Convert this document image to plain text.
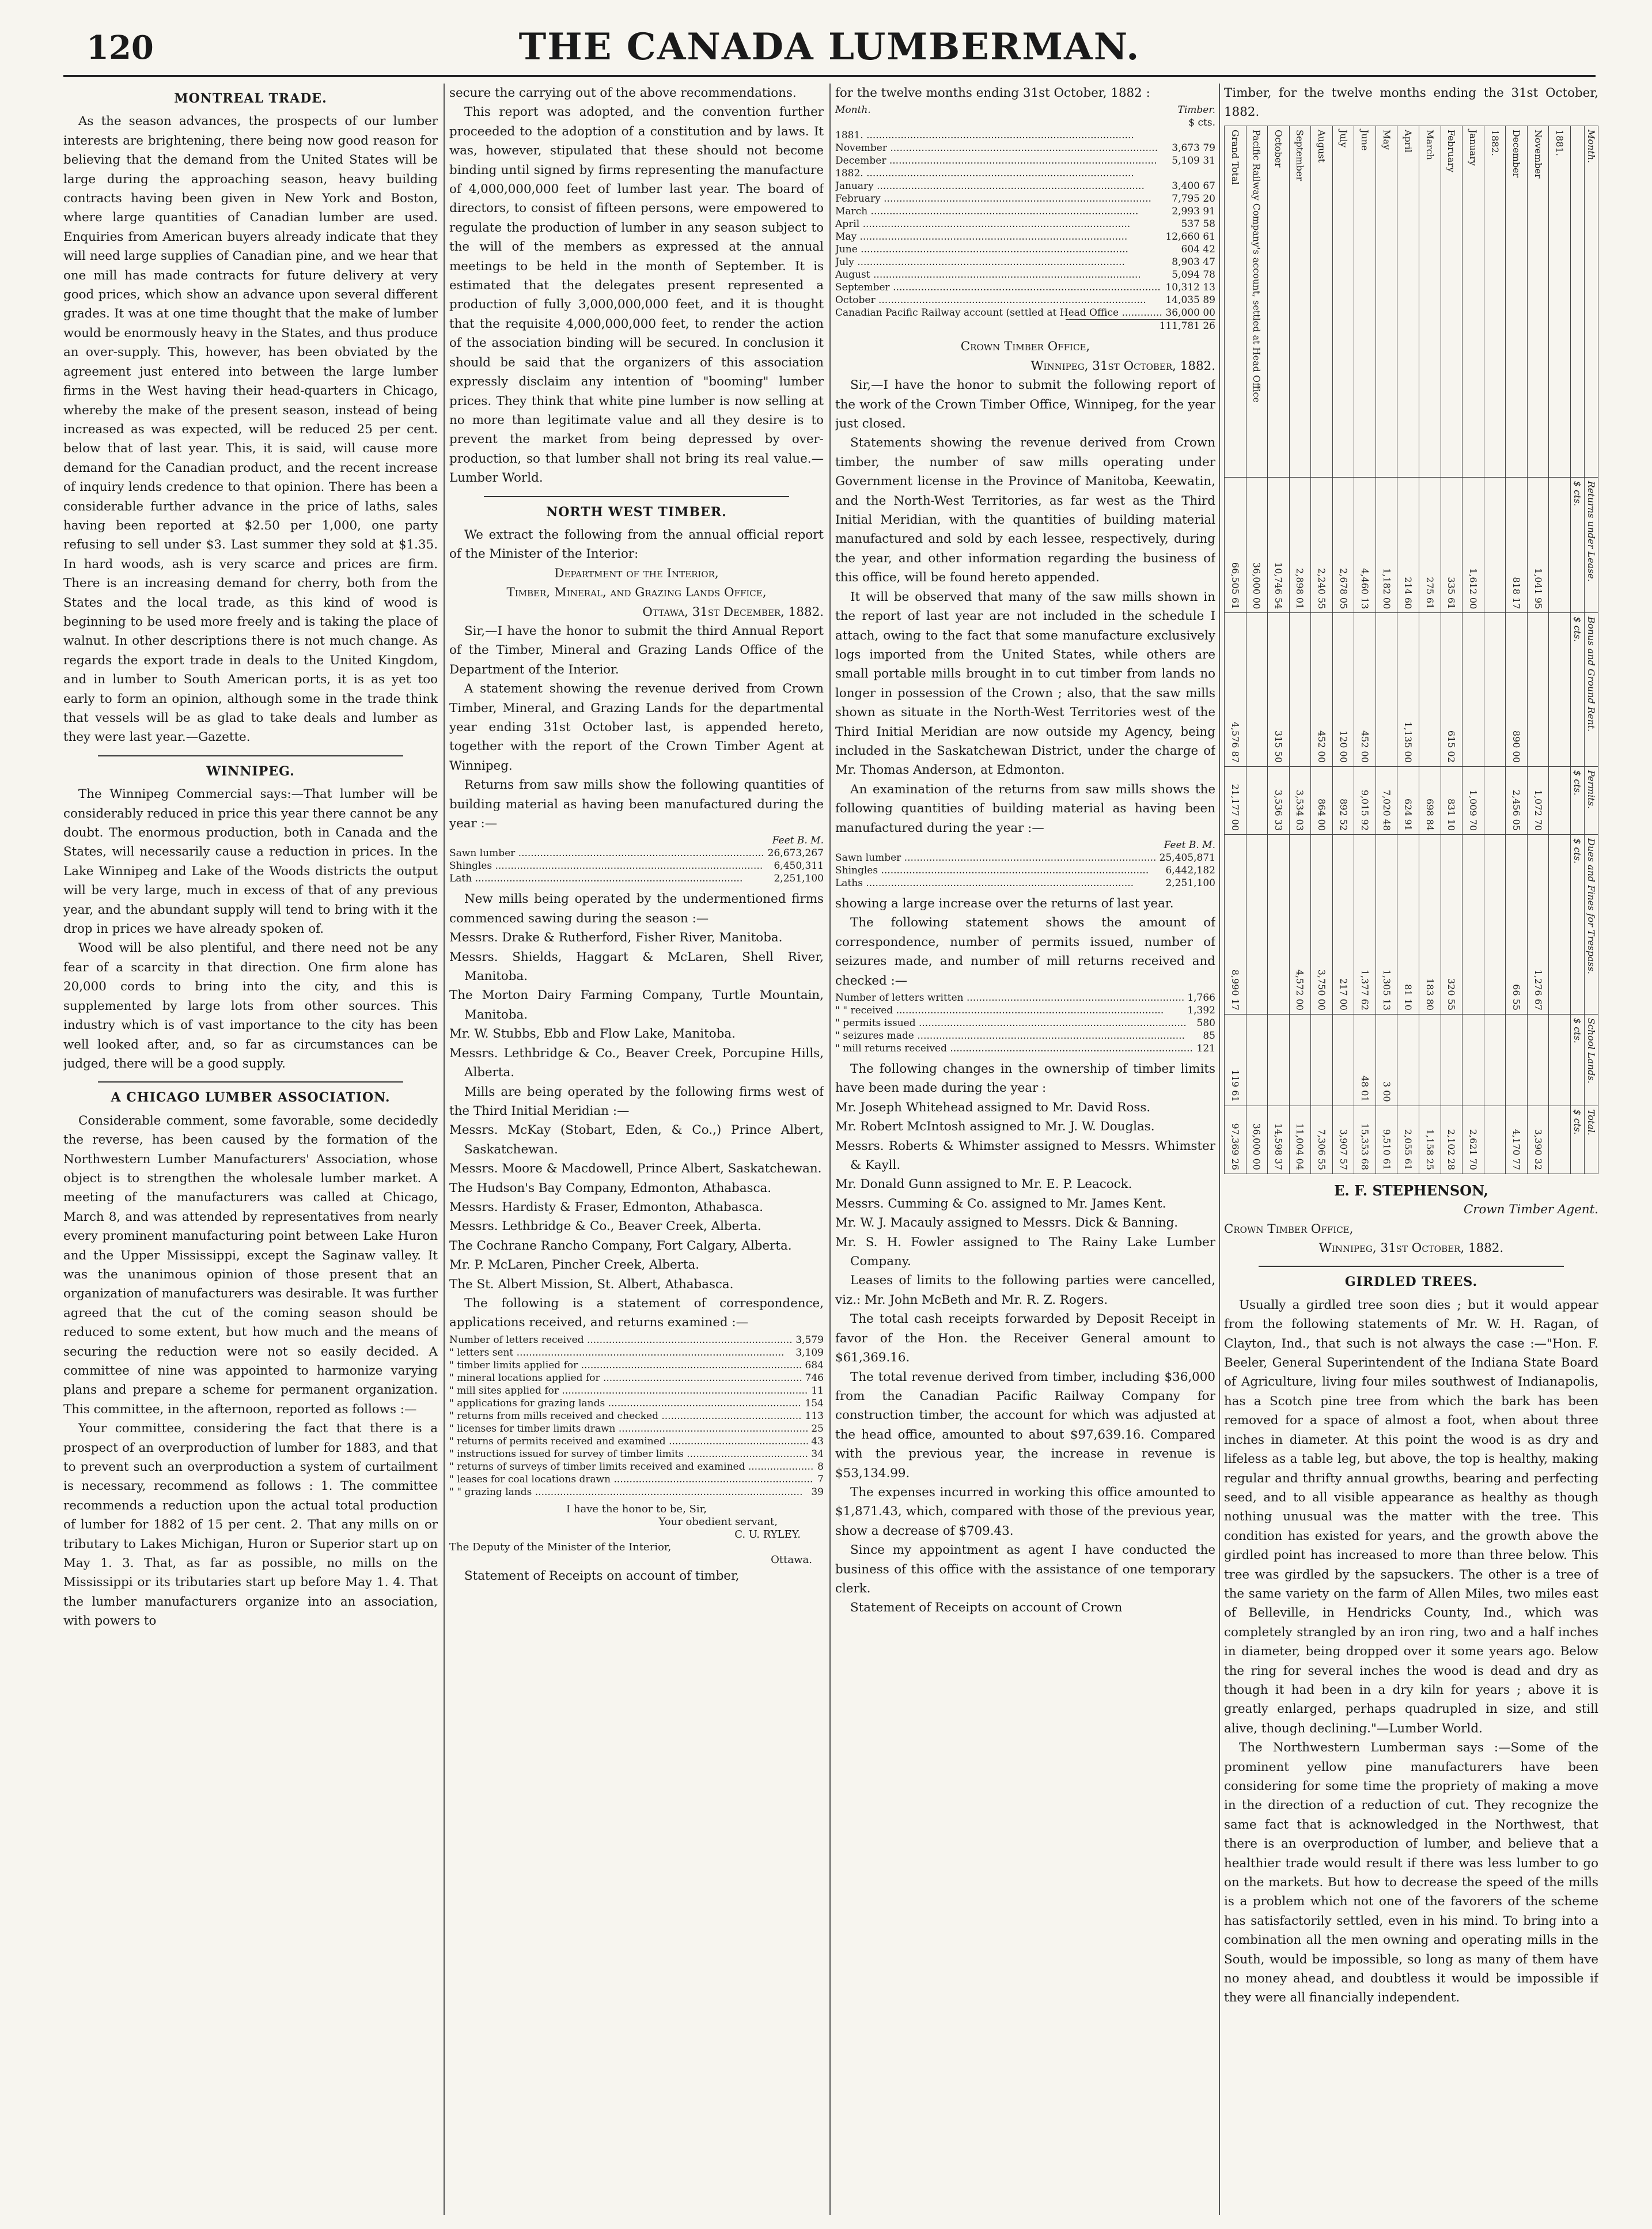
120	THE CANADA LUMBERMAN.
MONTREAL TRADE.

As the season advances, the prospects of our lumber interests are brightening, there being now good reason for believing that the demand from the United States will be large during the approaching season, heavy building contracts having been given in New York and Boston, where large quantities of Canadian lumber are used. Enquiries from American buyers already indicate that they will need large supplies of Canadian pine, and we hear that one mill has made contracts for future delivery at very good prices, which show an advance upon several different grades. It was at one time thought that the make of lumber would be enormously heavy in the States, and thus produce an over-supply. This, however, has been obviated by the agreement just entered into between the large lumber firms in the West having their head-quarters in Chicago, whereby the make of the present season, instead of being increased as was expected, will be reduced 25 per cent. below that of last year. This, it is said, will cause more demand for the Canadian product, and the recent increase of inquiry lends credence to that opinion. There has been a considerable further advance in the price of laths, sales having been reported at $2.50 per 1,000, one party refusing to sell under $3. Last summer they sold at $1.35. In hard woods, ash is very scarce and prices are firm. There is an increasing demand for cherry, both from the States and the local trade, as this kind of wood is beginning to be used more freely and is taking the place of walnut. In other descriptions there is not much change. As regards the export trade in deals to the United Kingdom, and in lumber to South American ports, it is as yet too early to form an opinion, although some in the trade think that vessels will be as glad to take deals and lumber as they were last year.—Gazette.

WINNIPEG.

The Winnipeg Commercial says:—That lumber will be considerably reduced in price this year there cannot be any doubt. The enormous production, both in Canada and the States, will necessarily cause a reduction in prices. In the Lake Winnipeg and Lake of the Woods districts the output will be very large, much in excess of that of any previous year, and the abundant supply will tend to bring with it the drop in prices we have already spoken of.

Wood will be also plentiful, and there need not be any fear of a scarcity in that direction. One firm alone has 20,000 cords to bring into the city, and this is supplemented by large lots from other sources. This industry which is of vast importance to the city has been well looked after, and, so far as circumstances can be judged, there will be a good supply.

A CHICAGO LUMBER ASSOCIATION.

Considerable comment, some favorable, some decidedly the reverse, has been caused by the formation of the Northwestern Lumber Manufacturers' Association, whose object is to strengthen the wholesale lumber market. A meeting of the manufacturers was called at Chicago, March 8, and was attended by representatives from nearly every prominent manufacturing point between Lake Huron and the Upper Mississippi, except the Saginaw valley. It was the unanimous opinion of those present that an organization of manufacturers was desirable. It was further agreed that the cut of the coming season should be reduced to some extent, but how much and the means of securing the reduction were not so easily decided. A committee of nine was appointed to harmonize varying plans and prepare a scheme for permanent organization. This committee, in the afternoon, reported as follows :—

Your committee, considering the fact that there is a prospect of an overproduction of lumber for 1883, and that to prevent such an overproduction a system of curtailment is necessary, recommend as follows : 1. The committee recommends a reduction upon the actual total production of lumber for 1882 of 15 per cent. 2. That any mills on or tributary to Lakes Michigan, Huron or Superior start up on May 1. 3. That, as far as possible, no mills on the Mississippi or its tributaries start up before May 1. 4. That the lumber manufacturers organize into an association, with powers to

secure the carrying out of the above recommendations.

This report was adopted, and the convention further proceeded to the adoption of a constitution and by laws. It was, however, stipulated that these should not become binding until signed by firms representing the manufacture of 4,000,000,000 feet of lumber last year. The board of directors, to consist of fifteen persons, were empowered to regulate the production of lumber in any season subject to the will of the members as expressed at the annual meetings to be held in the month of September. It is estimated that the delegates present represented a production of fully 3,000,000,000 feet, and it is thought that the requisite 4,000,000,000 feet, to render the action of the association binding will be secured. In conclusion it should be said that the organizers of this association expressly disclaim any intention of "booming" lumber prices. They think that white pine lumber is now selling at no more than legitimate value and all they desire is to prevent the market from being depressed by over-production, so that lumber shall not bring its real value.—Lumber World.

NORTH WEST TIMBER.

We extract the following from the annual official report of the Minister of the Interior:

Department of the Interior,

Timber, Mineral, and Grazing Lands Office,

Ottawa, 31st December, 1882.

Sir,—I have the honor to submit the third Annual Report of the Timber, Mineral and Grazing Lands Office of the Department of the Interior.

A statement showing the revenue derived from Crown Timber, Mineral, and Grazing Lands for the departmental year ending 31st October last, is appended hereto, together with the report of the Crown Timber Agent at Winnipeg.

Returns from saw mills show the following quantities of building material as having been manufactured during the year :—

Feet B. M.
Sawn lumber .....	26,673,267
Shingles .....	6,450,311
Lath .....	2,251,100

New mills being operated by the undermentioned firms commenced sawing during the season :—

Messrs. Drake & Rutherford, Fisher River, Manitoba.

Messrs. Shields, Haggart & McLaren, Shell River, Manitoba.

The Morton Dairy Farming Company, Turtle Mountain, Manitoba.

Mr. W. Stubbs, Ebb and Flow Lake, Manitoba.

Messrs. Lethbridge & Co., Beaver Creek, Porcupine Hills, Alberta.

Mills are being operated by the following firms west of the Third Initial Meridian :—

Messrs. McKay (Stobart, Eden, & Co.,) Prince Albert, Saskatchewan.

Messrs. Moore & Macdowell, Prince Albert, Saskatchewan.

The Hudson's Bay Company, Edmonton, Athabasca.

Messrs. Hardisty & Fraser, Edmonton, Athabasca.

Messrs. Lethbridge & Co., Beaver Creek, Alberta.

The Cochrane Rancho Company, Fort Calgary, Alberta.

Mr. P. McLaren, Pincher Creek, Alberta.

The St. Albert Mission, St. Albert, Athabasca.

The following is a statement of correspondence, applications received, and returns examined :—

Number of letters received .....	3,579
" letters sent .....	3,109
" timber limits applied for .....	684
" mineral locations applied for .....	746
" mill sites applied for .....	11
" applications for grazing lands .....	154
" returns from mills received and checked .....	113
" licenses for timber limits drawn .....	25
" returns of permits received and examined .....	43
" instructions issued for survey of timber limits .....	34
" returns of surveys of timber limits received and examined .....	8
" leases for coal locations drawn .....	7
" " grazing lands .....	39

I have the honor to be, Sir,

Your obedient servant,

C. U. RYLEY.

The Deputy of the Minister of the Interior,

Ottawa.

Statement of Receipts on account of timber,

for the twelve months ending 31st October, 1882 :

Month.	Timber.
$ cts.
1881. .....
November .....	3,673 79
December .....	5,109 31
1882. .....
January .....	3,400 67
February .....	7,795 20
March .....	2,993 91
April .....	537 58
May .....	12,660 61
June .....	604 42
July .....	8,903 47
August .....	5,094 78
September .....	10,312 13
October .....	14,035 89
Canadian Pacific Railway account (settled at Head Office .....	36,000 00
111,781 26

Crown Timber Office,

Winnipeg, 31st October, 1882.

Sir,—I have the honor to submit the following report of the work of the Crown Timber Office, Winnipeg, for the year just closed.

Statements showing the revenue derived from Crown timber, the number of saw mills operating under Government license in the Province of Manitoba, Keewatin, and the North-West Territories, as far west as the Third Initial Meridian, with the quantities of building material manufactured and sold by each lessee, respectively, during the year, and other information regarding the business of this office, will be found hereto appended.

It will be observed that many of the saw mills shown in the report of last year are not included in the schedule I attach, owing to the fact that some manufacture exclusively logs imported from the United States, while others are small portable mills brought in to cut timber from lands no longer in possession of the Crown ; also, that the saw mills shown as situate in the North-West Territories west of the Third Initial Meridian are now outside my Agency, being included in the Saskatchewan District, under the charge of Mr. Thomas Anderson, at Edmonton.

An examination of the returns from saw mills shows the following quantities of building material as having been manufactured during the year :—

Feet B. M.
Sawn lumber .....	25,405,871
Shingles .....	6,442,182
Laths .....	2,251,100

showing a large increase over the returns of last year.

The following statement shows the amount of correspondence, number of permits issued, number of seizures made, and number of mill returns received and checked :—

Number of letters written .....	1,766
" " received .....	1,392
" permits issued .....	580
" seizures made .....	85
" mill returns received .....	121

The following changes in the ownership of timber limits have been made during the year :

Mr. Joseph Whitehead assigned to Mr. David Ross.

Mr. Robert McIntosh assigned to Mr. J. W. Douglas.

Messrs. Roberts & Whimster assigned to Messrs. Whimster & Kayll.

Mr. Donald Gunn assigned to Mr. E. P. Leacock.

Messrs. Cumming & Co. assigned to Mr. James Kent.

Mr. W. J. Macauly assigned to Messrs. Dick & Banning.

Mr. S. H. Fowler assigned to The Rainy Lake Lumber Company.

Leases of limits to the following parties were cancelled, viz.: Mr. John McBeth and Mr. R. Z. Rogers.

The total cash receipts forwarded by Deposit Receipt in favor of the Hon. the Receiver General amount to $61,369.16.

The total revenue derived from timber, including $36,000 from the Canadian Pacific Railway Company for construction timber, the account for which was adjusted at the head office, amounted to about $97,639.16. Compared with the previous year, the increase in revenue is $53,134.99.

The expenses incurred in working this office amounted to $1,871.43, which, compared with those of the previous year, show a decrease of $709.43.

Since my appointment as agent I have conducted the business of this office with the assistance of one temporary clerk.

Statement of Receipts on account of Crown

Timber, for the twelve months ending the 31st October, 1882.

Month.	Returns under Lease.	Bonus and Ground Rent.	Permits.	Dues and Fines for Trespass.	School Lands.	Total.
	$ cts.	$ cts.	$ cts.	$ cts.	$ cts.	$ cts.
1881.						
November	1,041 95		1,072 70	1,276 67		3,390 32
December	818 17	890 00	2,456 05	66 55		4,170 77
1882.						
January	1,612 00		1,009 70			2,621 70
February	335 61	615 02	831 10	320 55		2,102 28
March	275 61		698 84	183 80		1,158 25
April	214 60	1,135 00	624 91	81 10		2,055 61
May	1,182 00		7,020 48	1,305 13	3 00	9,510 61
June	4,460 13	452 00	9,015 92	1,377 62	48 01	15,353 68
July	2,678 05	120 00	892 52	217 00		3,907 57
August	2,240 55	452 00	864 00	3,750 00		7,306 55
September	2,898 01		3,534 03	4,572 00		11,004 04
October	10,746 54	315 50	3,536 33			14,598 37
Pacific Railway Company's account, settled at Head Office	36,000 00					36,000 00
Grand Total	66,505 61	4,576 87	21,177 00	8,990 17	119 61	97,369 26
E. F. STEPHENSON,

Crown Timber Agent.

Crown Timber Office,

Winnipeg, 31st October, 1882.

GIRDLED TREES.

Usually a girdled tree soon dies ; but it would appear from the following statements of Mr. W. H. Ragan, of Clayton, Ind., that such is not always the case :—"Hon. F. Beeler, General Superintendent of the Indiana State Board of Agriculture, living four miles southwest of Indianapolis, has a Scotch pine tree from which the bark has been removed for a space of almost a foot, when about three inches in diameter. At this point the wood is as dry and lifeless as a table leg, but above, the top is healthy, making regular and thrifty annual growths, bearing and perfecting seed, and to all visible appearance as healthy as though nothing unusual was the matter with the tree. This condition has existed for years, and the growth above the girdled point has increased to more than three below. This tree was girdled by the sapsuckers. The other is a tree of the same variety on the farm of Allen Miles, two miles east of Belleville, in Hendricks County, Ind., which was completely strangled by an iron ring, two and a half inches in diameter, being dropped over it some years ago. Below the ring for several inches the wood is dead and dry as though it had been in a dry kiln for years ; above it is greatly enlarged, perhaps quadrupled in size, and still alive, though declining."—Lumber World.

The Northwestern Lumberman says :—Some of the prominent yellow pine manufacturers have been considering for some time the propriety of making a move in the direction of a reduction of cut. They recognize the same fact that is acknowledged in the Northwest, that there is an overproduction of lumber, and believe that a healthier trade would result if there was less lumber to go on the markets. But how to decrease the speed of the mills is a problem which not one of the favorers of the scheme has satisfactorily settled, even in his mind. To bring into a combination all the men owning and operating mills in the South, would be impossible, so long as many of them have no money ahead, and doubtless it would be impossible if they were all financially independent.
